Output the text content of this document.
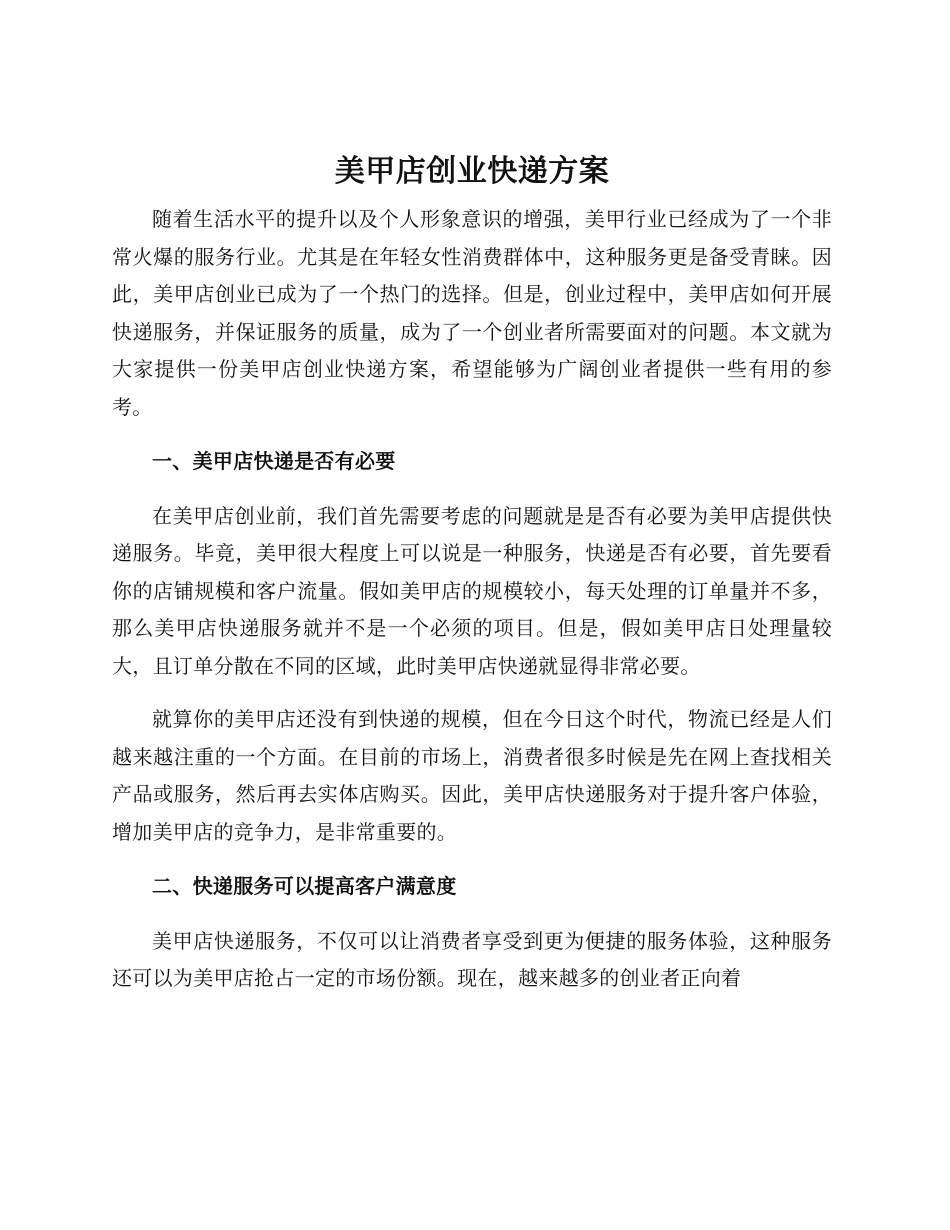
美甲店创业快递方案

随着生活水平的提升以及个人形象意识的增强，美甲行业已经成为了一个非常火爆的服务行业。尤其是在年轻女性消费群体中，这种服务更是备受青睐。因此，美甲店创业已成为了一个热门的选择。但是，创业过程中，美甲店如何开展快递服务，并保证服务的质量，成为了一个创业者所需要面对的问题。本文就为大家提供一份美甲店创业快递方案，希望能够为广阔创业者提供一些有用的参考。

一、美甲店快递是否有必要

在美甲店创业前，我们首先需要考虑的问题就是是否有必要为美甲店提供快递服务。毕竟，美甲很大程度上可以说是一种服务，快递是否有必要，首先要看你的店铺规模和客户流量。假如美甲店的规模较小，每天处理的订单量并不多，那么美甲店快递服务就并不是一个必须的项目。但是，假如美甲店日处理量较大，且订单分散在不同的区域，此时美甲店快递就显得非常必要。

就算你的美甲店还没有到快递的规模，但在今日这个时代，物流已经是人们越来越注重的一个方面。在目前的市场上，消费者很多时候是先在网上查找相关产品或服务，然后再去实体店购买。因此，美甲店快递服务对于提升客户体验，增加美甲店的竞争力，是非常重要的。

二、快递服务可以提高客户满意度

美甲店快递服务，不仅可以让消费者享受到更为便捷的服务体验，这种服务还可以为美甲店抢占一定的市场份额。现在，越来越多的创业者正向着
